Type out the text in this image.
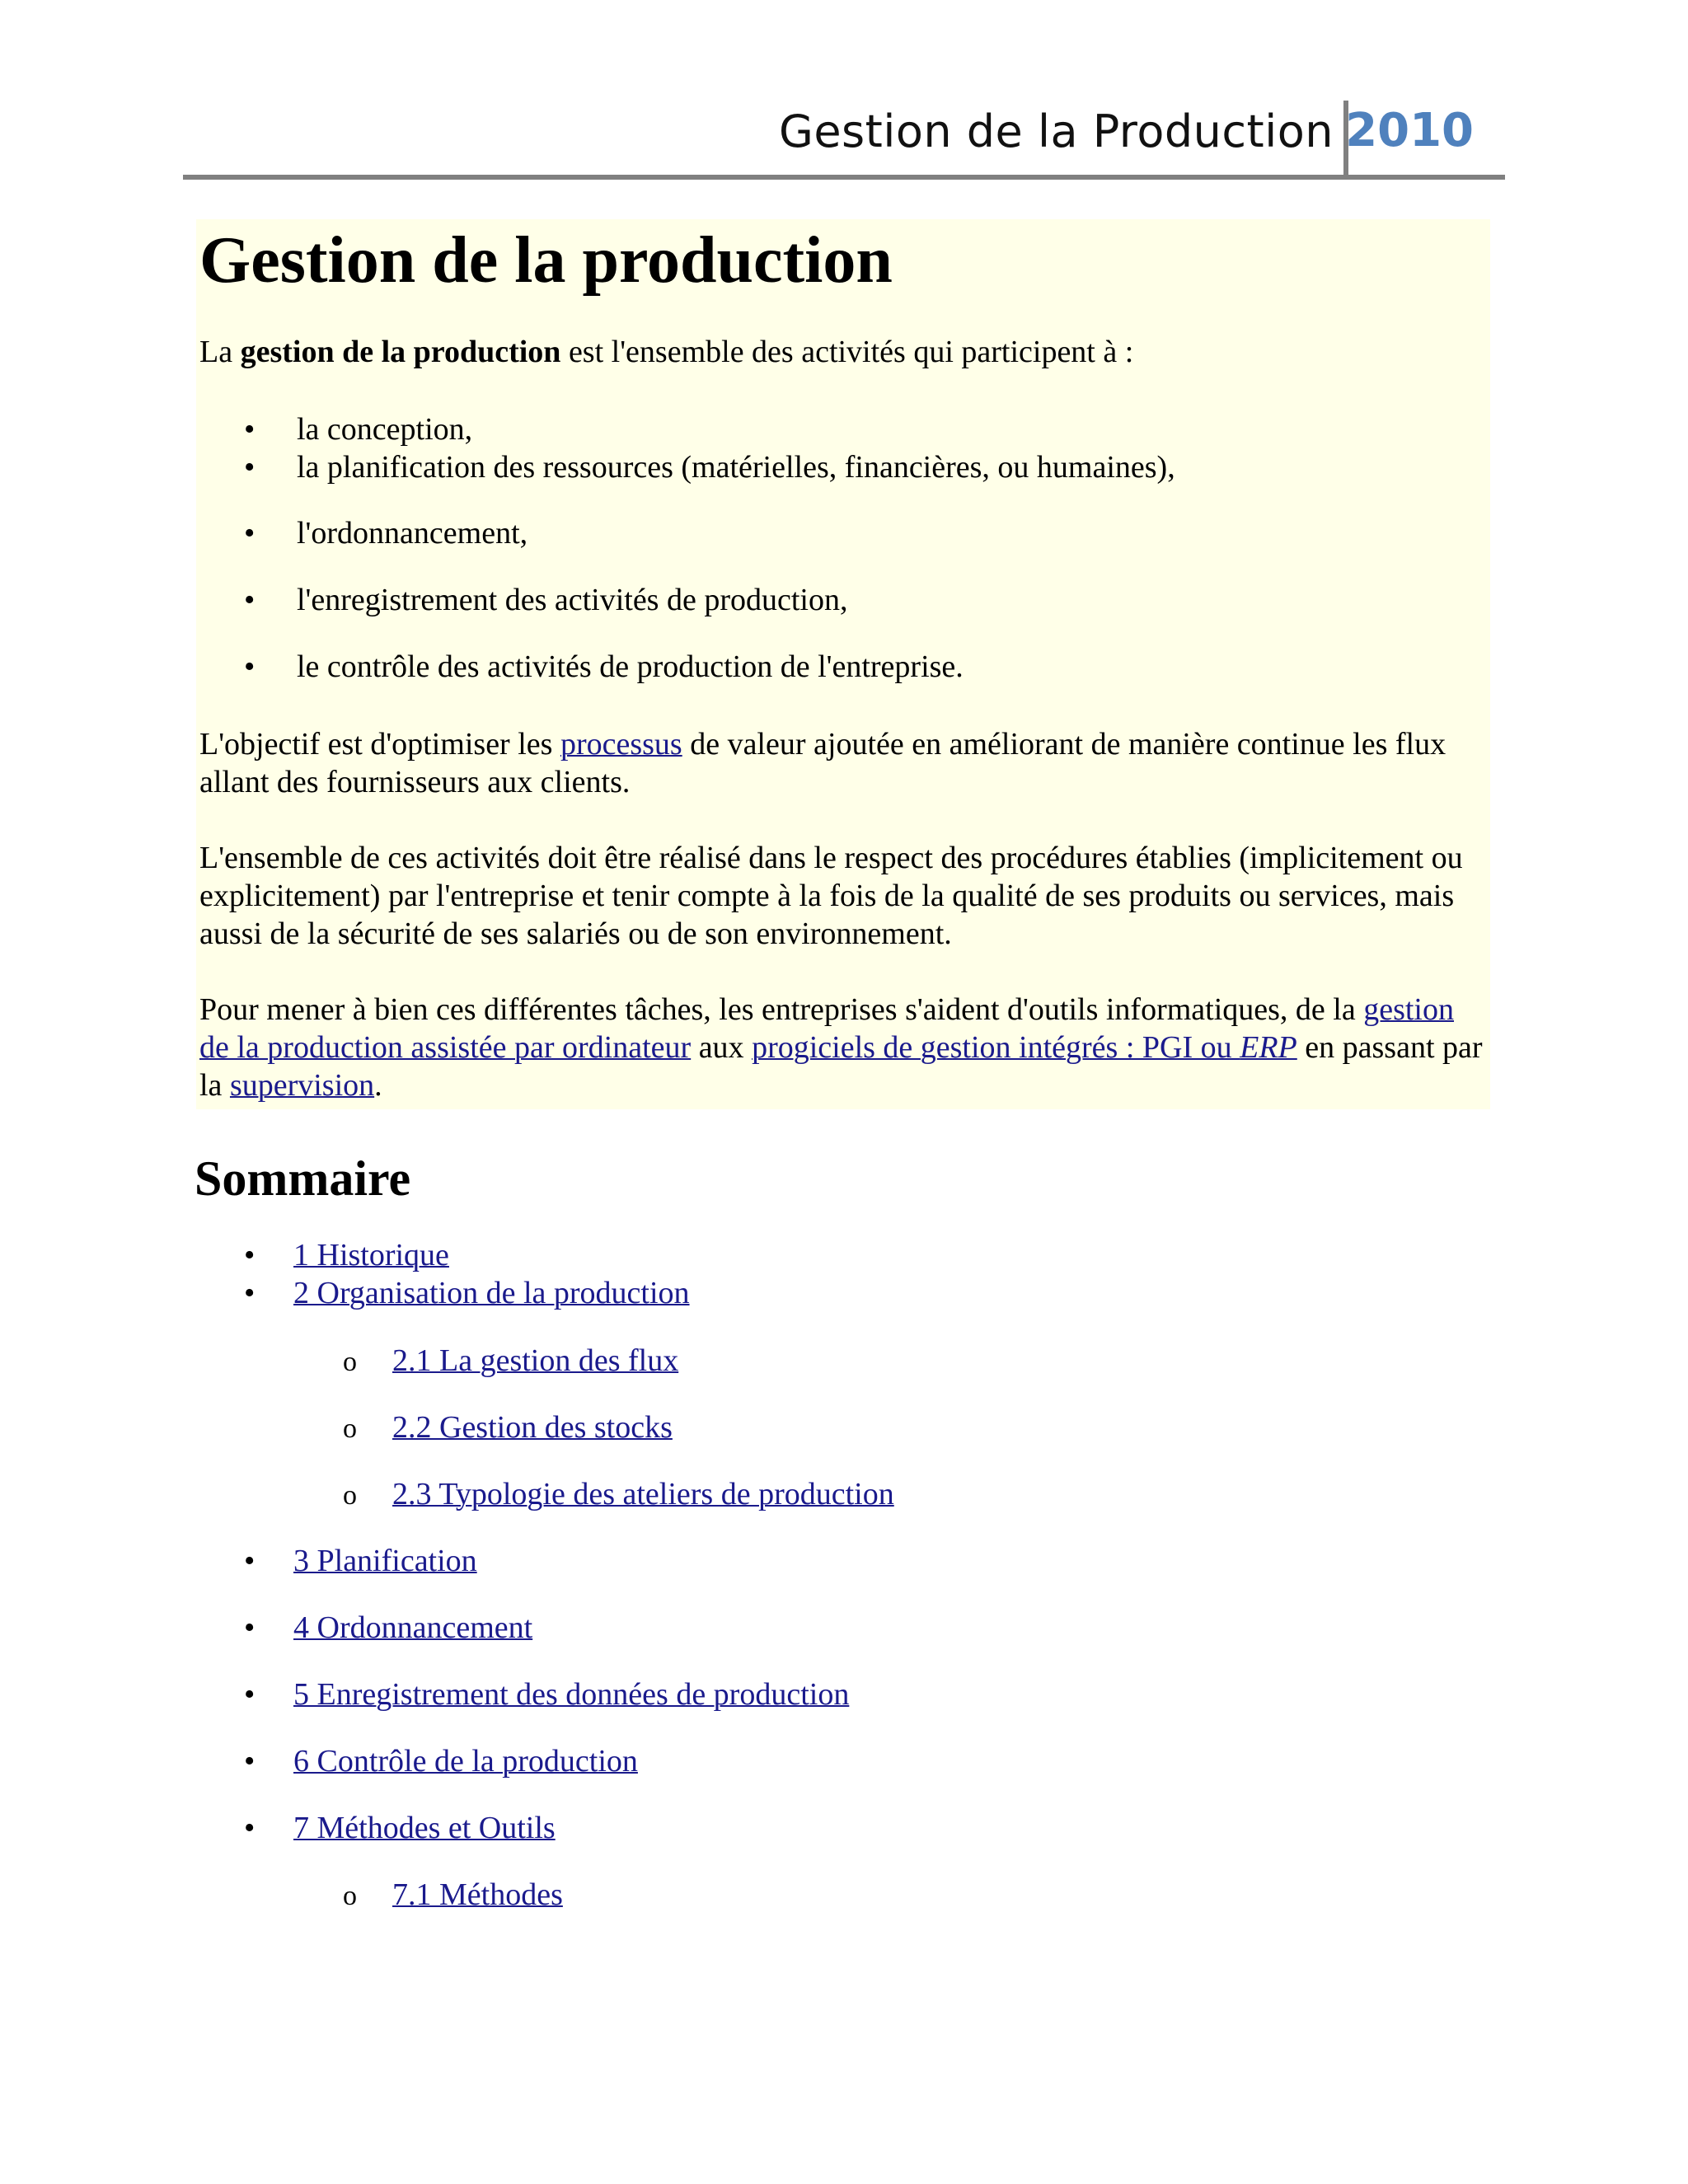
Gestion de la Production 2010
Gestion de la production

La gestion de la production est l'ensemble des activités qui participent à :

la conception,
la planification des ressources (matérielles, financières, ou humaines),
l'ordonnancement,
l'enregistrement des activités de production,
le contrôle des activités de production de l'entreprise.

L'objectif est d'optimiser les processus de valeur ajoutée en améliorant de manière continue les flux allant des fournisseurs aux clients.

L'ensemble de ces activités doit être réalisé dans le respect des procédures établies (implicitement ou explicitement) par l'entreprise et tenir compte à la fois de la qualité de ses produits ou services, mais aussi de la sécurité de ses salariés ou de son environnement.

Pour mener à bien ces différentes tâches, les entreprises s'aident d'outils informatiques, de la gestion de la production assistée par ordinateur aux progiciels de gestion intégrés : PGI ou ERP en passant par la supervision.

Sommaire
• 1 Historique
• 2 Organisation de la production
o 2.1 La gestion des flux
o 2.2 Gestion des stocks
o 2.3 Typologie des ateliers de production
• 3 Planification
• 4 Ordonnancement
• 5 Enregistrement des données de production
• 6 Contrôle de la production
• 7 Méthodes et Outils
o 7.1 Méthodes
